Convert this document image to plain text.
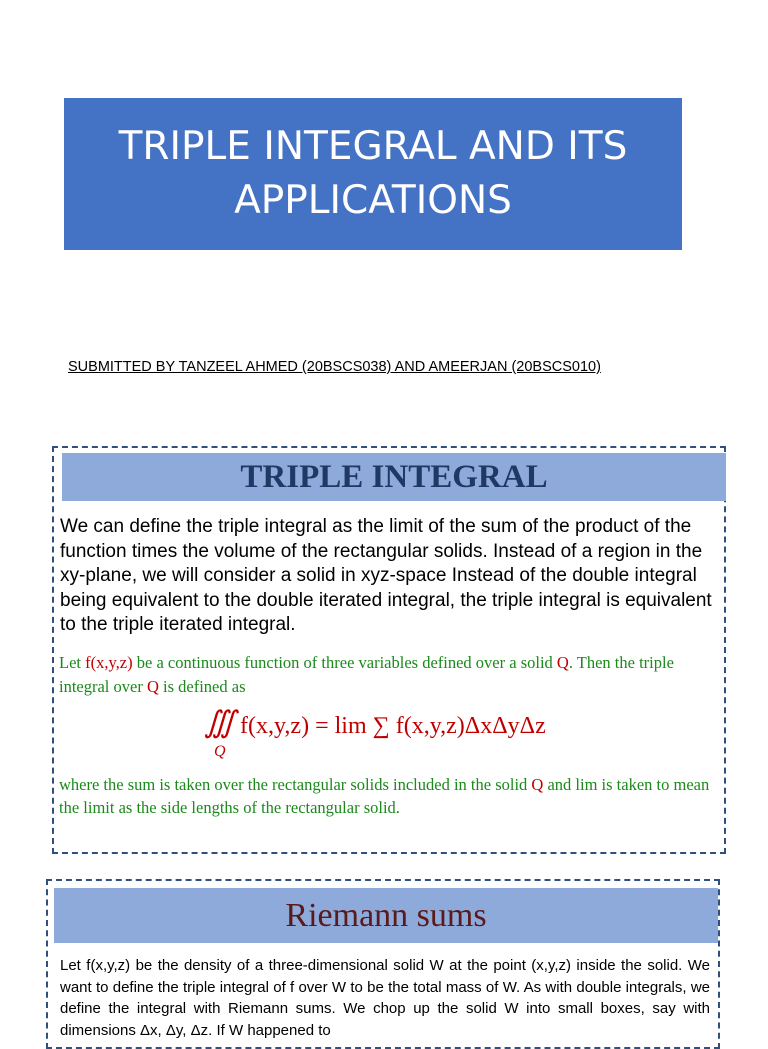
TRIPLE INTEGRAL AND ITS
APPLICATIONS
SUBMITTED BY TANZEEL AHMED (20BSCS038) AND AMEERJAN (20BSCS010)
TRIPLE INTEGRAL
We can define the triple integral as the limit of the sum of the product of the function times the volume of the rectangular solids. Instead of a region in the xy-plane, we will consider a solid in xyz-space Instead of the double integral being equivalent to the double iterated integral, the triple integral is equivalent to the triple iterated integral.
Let f(x,y,z) be a continuous function of three variables defined over a solid Q. Then the triple integral over Q is defined as
∭
Q
f(x,y,z) = lim ∑ f(x,y,z)ΔxΔyΔz
where the sum is taken over the rectangular solids included in the solid Q and lim is taken to mean the limit as the side lengths of the rectangular solid.
Riemann sums
Let f(x,y,z) be the density of a three-dimensional solid W at the point (x,y,z) inside the solid. We want to define the triple integral of f over W to be the total mass of W. As with double integrals, we define the integral with Riemann sums. We chop up the solid W into small boxes, say with dimensions Δx, Δy, Δz. If W happened to
